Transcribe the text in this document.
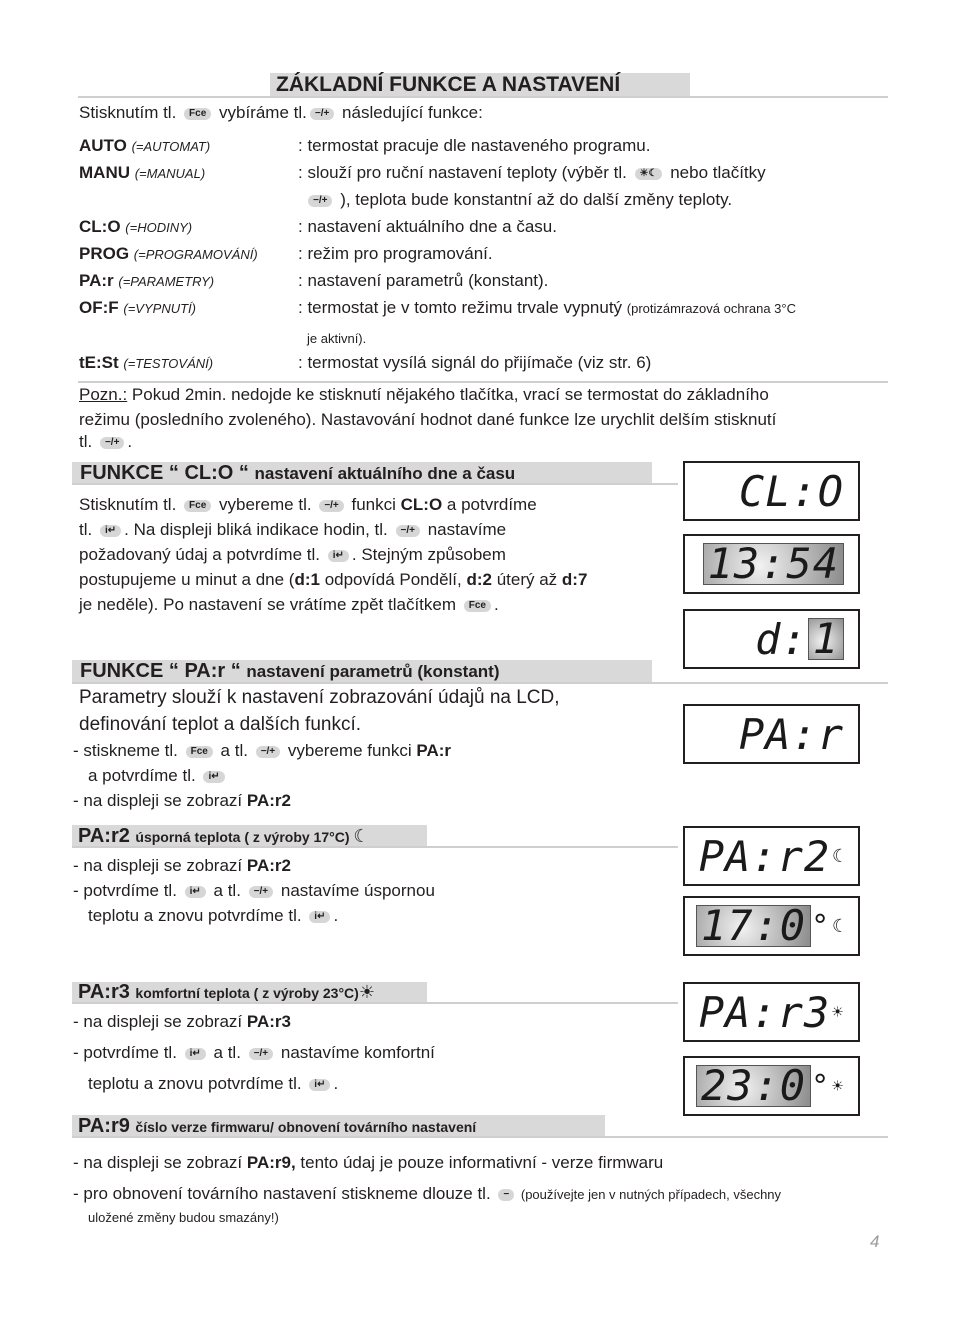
ZÁKLADNÍ FUNKCE A NASTAVENÍ
Stisknutím tl. Fce vybíráme tl. −/+ následující funkce:
AUTO (=AUTOMAT)	: termostat pracuje dle nastaveného programu.
MANU (=MANUAL)	: slouží pro ruční nastavení teploty (výběr tl. ☀☾ nebo tlačítky
−/+ ), teplota bude konstantní až do další změny teploty.
CL:O (=HODINY)	: nastavení aktuálního dne a času.
PROG (=PROGRAMOVÁNÍ) : režim pro programování.
PA:r (=PARAMETRY)	: nastavení parametrů (konstant).
OF:F (=VYPNUTÍ)	: termostat je v tomto režimu trvale vypnutý (protizámrazová ochrana 3°C
je aktivní).
tE:St (=TESTOVÁNÍ)	: termostat vysílá signál do přijímače (viz str. 6)
Pozn.: Pokud 2min. nedojde ke stisknutí nějakého tlačítka, vrací se termostat do základního
režimu (posledního zvoleného). Nastavování hodnot dané funkce lze urychlit delším stisknutí
tl. −/+ .
FUNKCE “ CL:O “ nastavení aktuálního dne a času
Stisknutím tl. Fce vybereme tl. −/+ funkci CL:O a potvrdíme
tl. i↵ . Na displeji bliká indikace hodin, tl. −/+ nastavíme
požadovaný údaj a potvrdíme tl. i↵ . Stejným způsobem
postupujeme u minut a dne (d:1 odpovídá Pondělí, d:2 úterý až d:7
je neděle). Po nastavení se vrátíme zpět tlačítkem Fce .
FUNKCE “ PA:r “ nastavení parametrů (konstant)
Parametry slouží k nastavení zobrazování údajů na LCD,
definování teplot a dalších funkcí.
- stiskneme tl. Fce a tl. −/+ vybereme funkci PA:r
a potvrdíme tl. i↵
- na displeji se zobrazí PA:r2
PA:r2 úsporná teplota ( z výroby 17°C) ☾
- na displeji se zobrazí PA:r2
- potvrdíme tl. i↵ a tl. −/+ nastavíme úspornou
teplotu a znovu potvrdíme tl. i↵ .
PA:r3 komfortní teplota ( z výroby 23°C)☀
- na displeji se zobrazí PA:r3
- potvrdíme tl. i↵ a tl. −/+ nastavíme komfortní
teplotu a znovu potvrdíme tl. i↵ .
PA:r9 číslo verze firmwaru/ obnovení továrního nastavení
- na displeji se zobrazí PA:r9, tento údaj je pouze informativní - verze firmwaru
- pro obnovení továrního nastavení stiskneme dlouze tl. − (používejte jen v nutných případech, všechny
uložené změny budou smazány!)
CL:O
13:54
d: 1
PA:r
PA:r2 ☾
17:0 ° ☾
PA:r3 ☀
23:0 ° ☀
4
